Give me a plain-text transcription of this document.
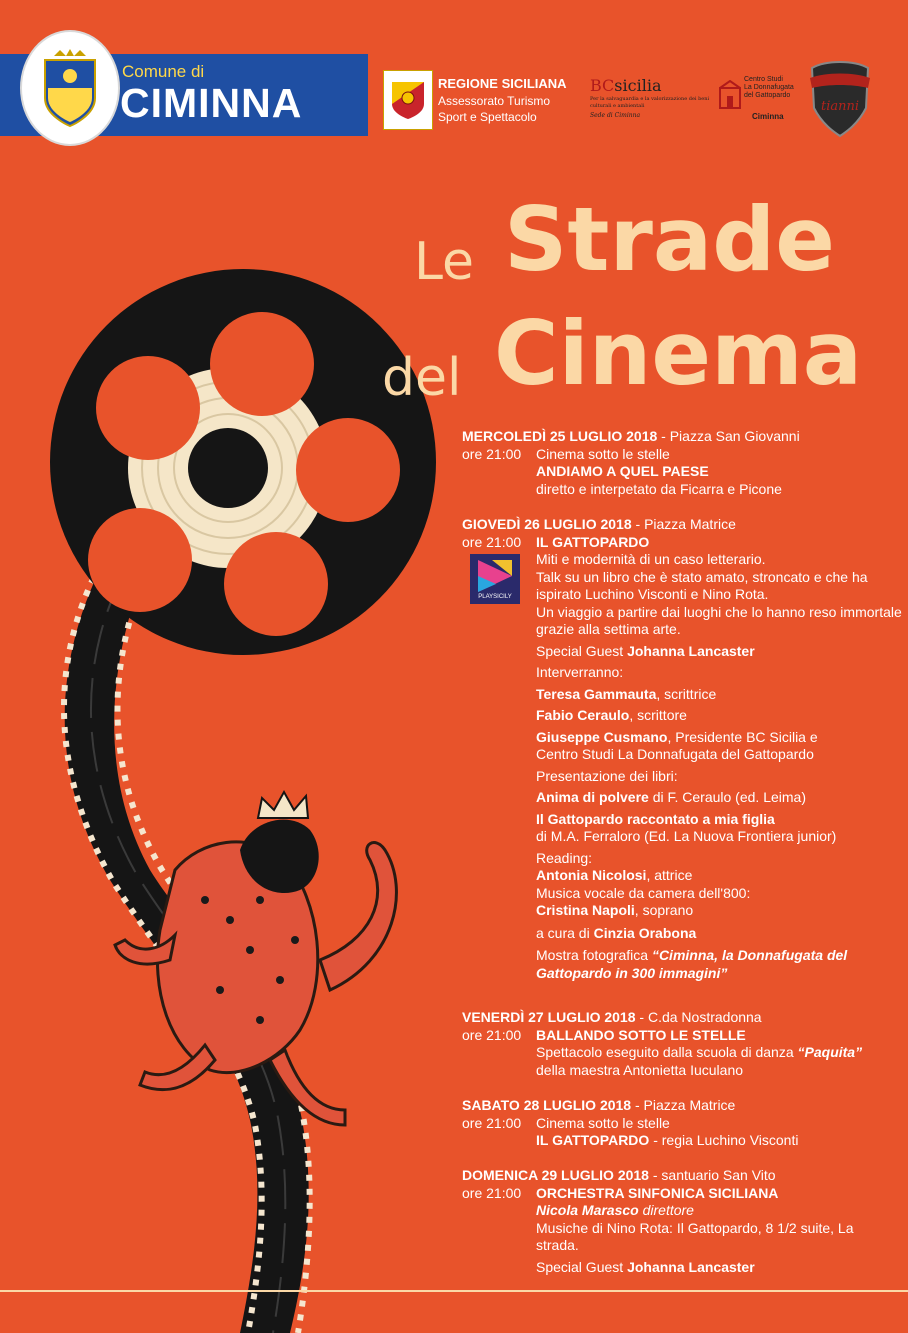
Comune di
CIMINNA	REGIONE SICILIANA
Assessorato Turismo
Sport e Spettacolo
BCsicilia
Per la salvaguardia e la valorizzazione dei beni culturali e ambientali
Sede di Ciminna
Centro Studi
La Donnafugata
del Gattopardo
Ciminna
tianni
Le Strade
del Cinema
MERCOLEDÌ 25 LUGLIO 2018 - Piazza San Giovanni
ore 21:00	Cinema sotto le stelle
ANDIAMO A QUEL PAESE
diretto e interpetato da Ficarra e Picone
GIOVEDÌ 26 LUGLIO 2018 - Piazza Matrice
ore 21:00	IL GATTOPARDO
Miti e modernità di un caso letterario.
Talk su un libro che è stato amato, stroncato e che ha ispirato Luchino Visconti e Nino Rota.
Un viaggio a partire dai luoghi che lo hanno reso immortale grazie alla settima arte.
Special Guest Johanna Lancaster
Interverranno:
Teresa Gammauta, scrittrice
Fabio Ceraulo, scrittore
Giuseppe Cusmano, Presidente BC Sicilia e Centro Studi La Donnafugata del Gattopardo
Presentazione dei libri:
Anima di polvere di F. Ceraulo (ed. Leima)
Il Gattopardo raccontato a mia figlia
di M.A. Ferraloro (Ed. La Nuova Frontiera junior)
Reading:
Antonia Nicolosi, attrice
Musica vocale da camera dell'800:
Cristina Napoli, soprano
a cura di Cinzia Orabona
Mostra fotografica “Ciminna, la Donnafugata del Gattopardo in 300 immagini”
PLAYSICILY
VENERDÌ 27 LUGLIO 2018 - C.da Nostradonna
ore 21:00	BALLANDO SOTTO LE STELLE
Spettacolo eseguito dalla scuola di danza “Paquita”
della maestra Antonietta Iuculano
SABATO 28 LUGLIO 2018 - Piazza Matrice
ore 21:00	Cinema sotto le stelle
IL GATTOPARDO - regia Luchino Visconti
DOMENICA 29 LUGLIO 2018 - santuario San Vito
ore 21:00	ORCHESTRA SINFONICA SICILIANA
Nicola Marasco direttore
Musiche di Nino Rota: Il Gattopardo, 8 1/2 suite, La strada.
Special Guest Johanna Lancaster
